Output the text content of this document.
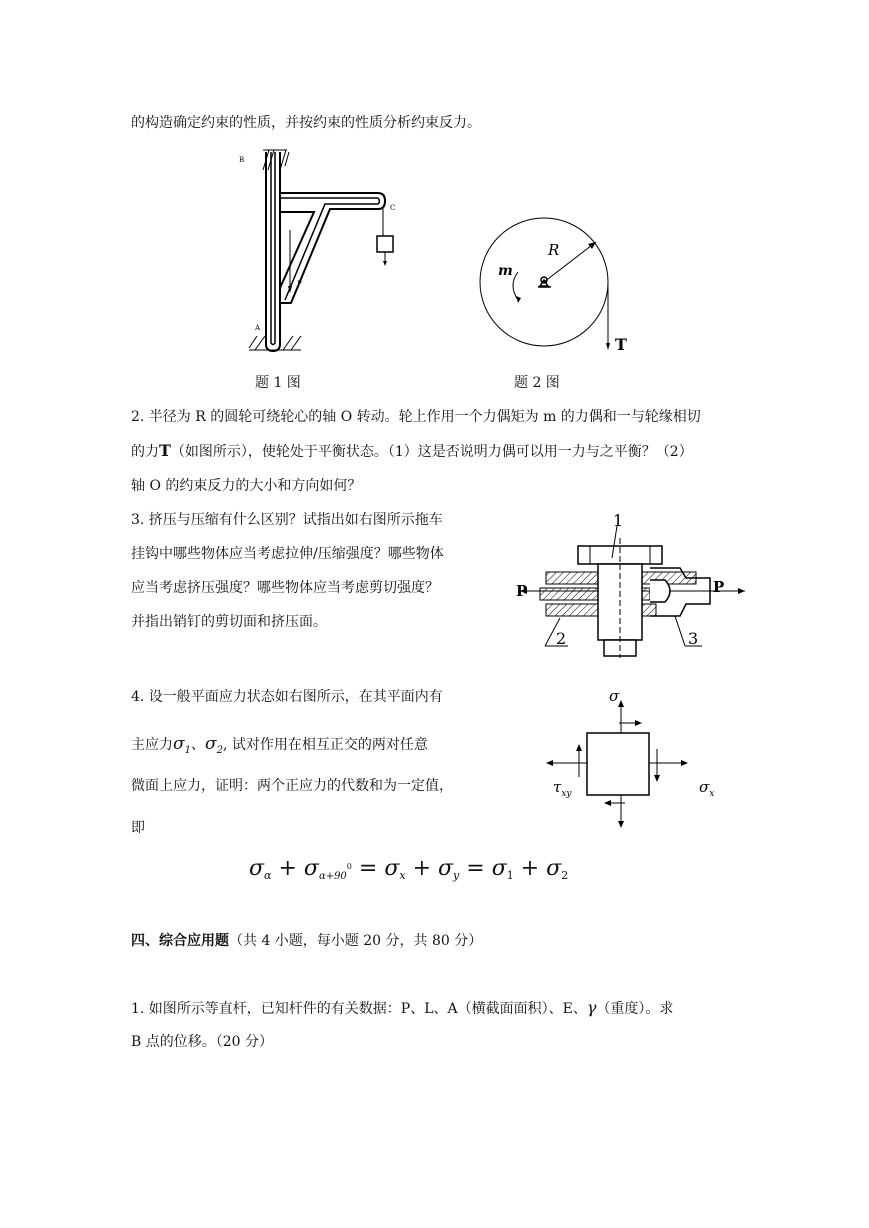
的构造确定约束的性质，并按约束的性质分析约束反力。
B
C
P
A
题 1 图
R
m
T
题 2 图
2. 半径为 R 的圆轮可绕轮心的轴 O 转动。轮上作用一个力偶矩为 m 的力偶和一与轮缘相切
的力T（如图所示），使轮处于平衡状态。（1）这是否说明力偶可以用一力与之平衡？（2）
轴 O 的约束反力的大小和方向如何？
3. 挤压与压缩有什么区别？试指出如右图所示拖车
挂钩中哪些物体应当考虑拉伸/压缩强度？哪些物体
应当考虑挤压强度？哪些物体应当考虑剪切强度？
并指出销钉的剪切面和挤压面。
1
2	3
P	P
4. 设一般平面应力状态如右图所示，在其平面内有
主应力$\sigma_1$、$\sigma_2$, 试对作用在相互正交的两对任意
微面上应力，证明：两个正应力的代数和为一定值，
即
σ
$\tau_{xy}$	$\sigma_x$
$\sigma_\alpha + \sigma_{\alpha+90}^0 = \sigma_x + \sigma_y = \sigma_1 + \sigma_2$
四、综合应用题（共 4 小题，每小题 20 分，共 80 分）
1. 如图所示等直杆，已知杆件的有关数据：P、L、A（横截面面积）、E、γ（重度）。求
B 点的位移。（20 分）
